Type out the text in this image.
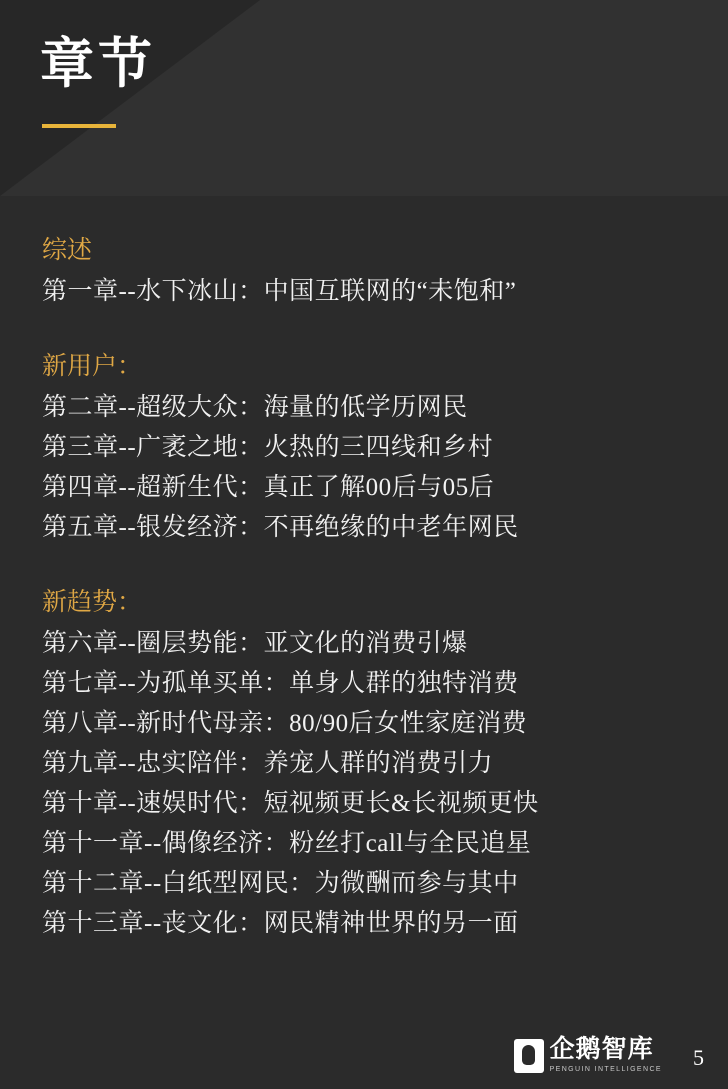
章节
综述
第一章--水下冰山：中国互联网的“未饱和”
新用户：
第二章--超级大众：海量的低学历网民
第三章--广袤之地：火热的三四线和乡村
第四章--超新生代：真正了解00后与05后
第五章--银发经济：不再绝缘的中老年网民
新趋势：
第六章--圈层势能：亚文化的消费引爆
第七章--为孤单买单：单身人群的独特消费
第八章--新时代母亲：80/90后女性家庭消费
第九章--忠实陪伴：养宠人群的消费引力
第十章--速娱时代：短视频更长&长视频更快
第十一章--偶像经济：粉丝打call与全民追星
第十二章--白纸型网民：为微酬而参与其中
第十三章--丧文化：网民精神世界的另一面
企鹅智库
PENGUIN INTELLIGENCE 5
